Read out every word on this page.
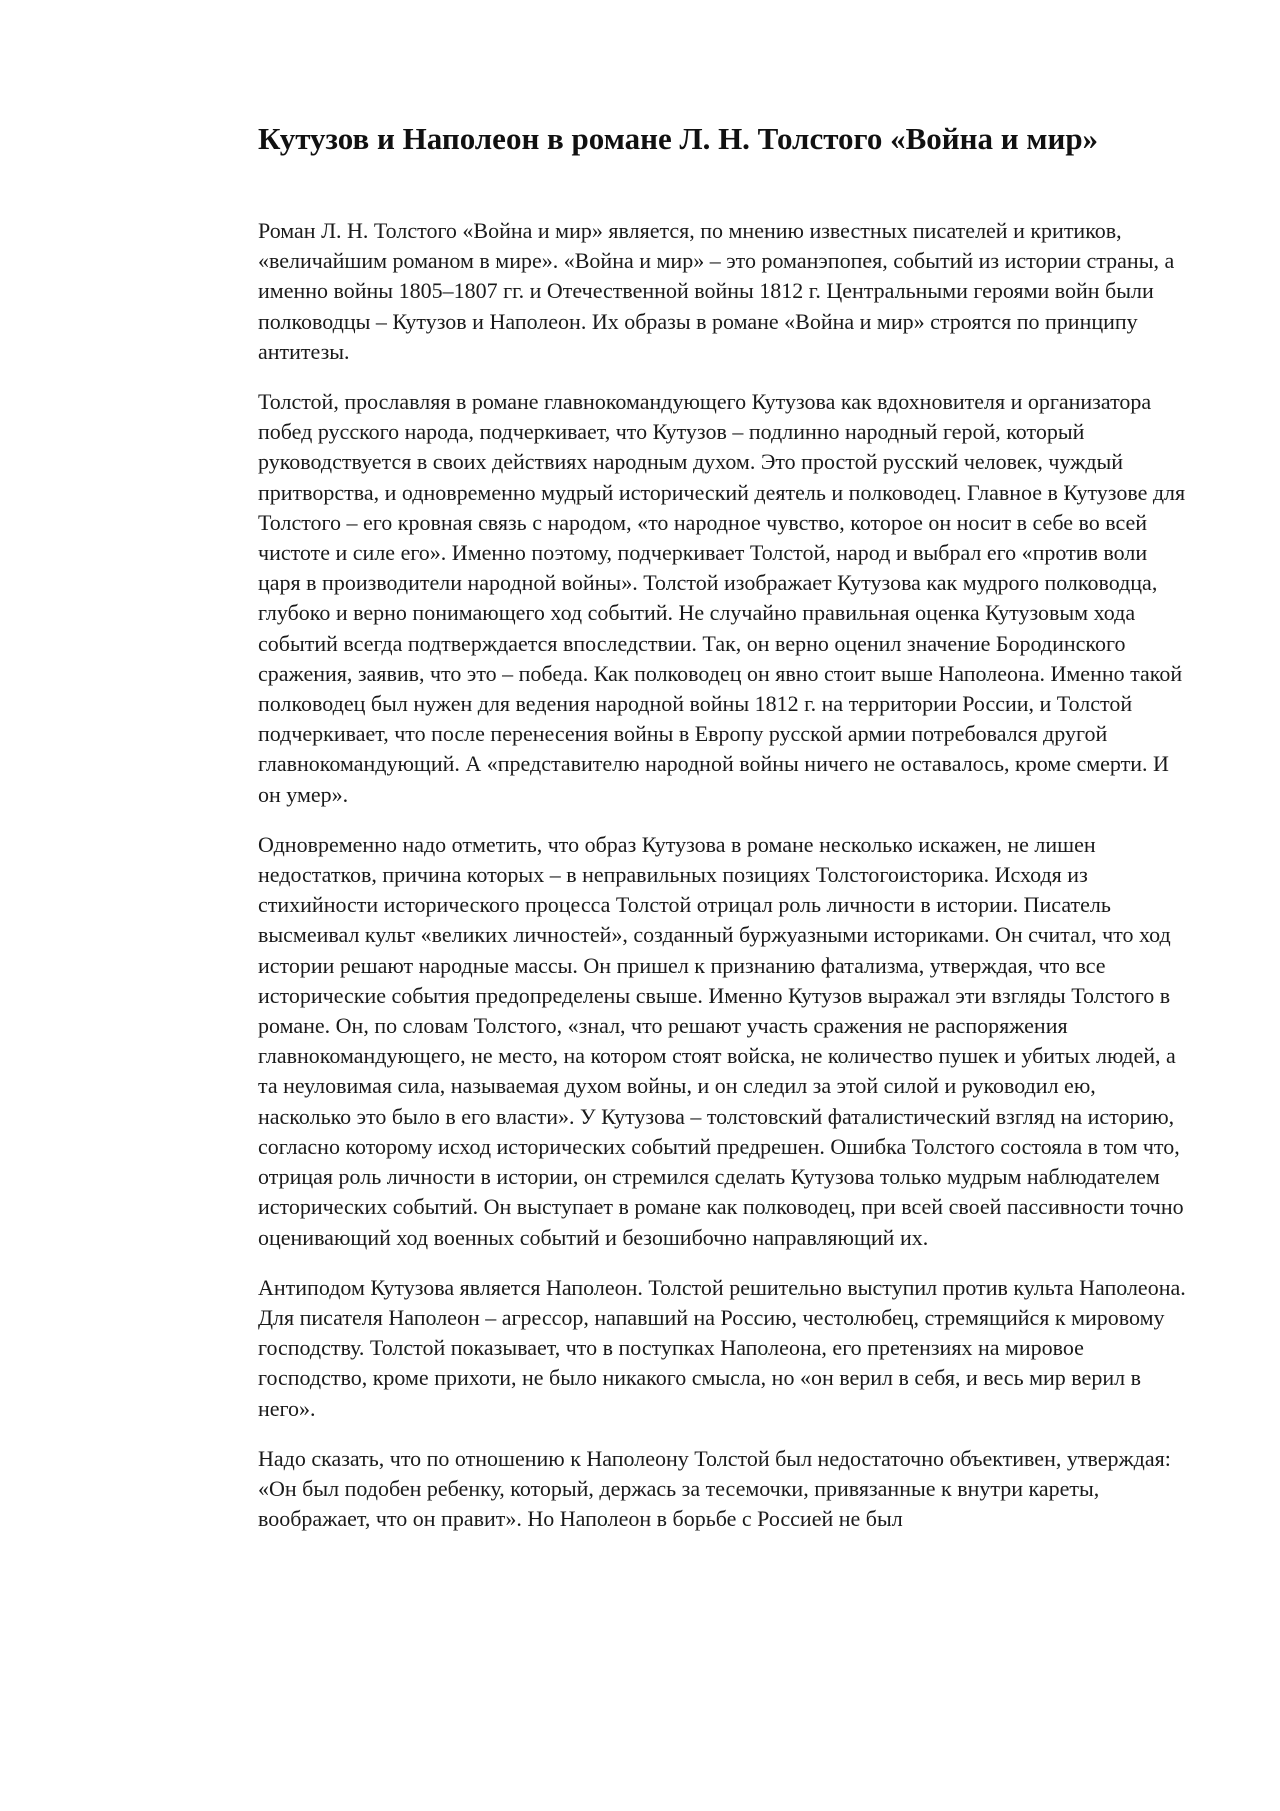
Кутузов и Наполеон в романе Л. Н. Толстого «Война и мир»

Роман Л. Н. Толстого «Война и мир» является, по мнению известных писателей и критиков, «величайшим романом в мире». «Война и мир» – это романэпопея, событий из истории страны, а именно войны 1805–1807 гг. и Отечественной войны 1812 г. Центральными героями войн были полководцы – Кутузов и Наполеон. Их образы в романе «Война и мир» строятся по принципу антитезы.

Толстой, прославляя в романе главнокомандующего Кутузова как вдохновителя и организатора побед русского народа, подчеркивает, что Кутузов – подлинно народный герой, который руководствуется в своих действиях народным духом. Это простой русский человек, чуждый притворства, и одновременно мудрый исторический деятель и полководец. Главное в Кутузове для Толстого – его кровная связь с народом, «то народное чувство, которое он носит в себе во всей чистоте и силе его». Именно поэтому, подчеркивает Толстой, народ и выбрал его «против воли царя в производители народной войны». Толстой изображает Кутузова как мудрого полководца, глубоко и верно понимающего ход событий. Не случайно правильная оценка Кутузовым хода событий всегда подтверждается впоследствии. Так, он верно оценил значение Бородинского сражения, заявив, что это – победа. Как полководец он явно стоит выше Наполеона. Именно такой полководец был нужен для ведения народной войны 1812 г. на территории России, и Толстой подчеркивает, что после перенесения войны в Европу русской армии потребовался другой главнокомандующий. А «представителю народной войны ничего не оставалось, кроме смерти. И он умер».

Одновременно надо отметить, что образ Кутузова в романе несколько искажен, не лишен недостатков, причина которых – в неправильных позициях Толстогоисторика. Исходя из стихийности исторического процесса Толстой отрицал роль личности в истории. Писатель высмеивал культ «великих личностей», созданный буржуазными историками. Он считал, что ход истории решают народные массы. Он пришел к признанию фатализма, утверждая, что все исторические события предопределены свыше. Именно Кутузов выражал эти взгляды Толстого в романе. Он, по словам Толстого, «знал, что решают участь сражения не распоряжения главнокомандующего, не место, на котором стоят войска, не количество пушек и убитых людей, а та неуловимая сила, называемая духом войны, и он следил за этой силой и руководил ею, насколько это было в его власти». У Кутузова – толстовский фаталистический взгляд на историю, согласно которому исход исторических событий предрешен. Ошибка Толстого состояла в том что, отрицая роль личности в истории, он стремился сделать Кутузова только мудрым наблюдателем исторических событий. Он выступает в романе как полководец, при всей своей пассивности точно оценивающий ход военных событий и безошибочно направляющий их.

Антиподом Кутузова является Наполеон. Толстой решительно выступил против культа Наполеона. Для писателя Наполеон – агрессор, напавший на Россию, честолюбец, стремящийся к мировому господству. Толстой показывает, что в поступках Наполеона, его претензиях на мировое господство, кроме прихоти, не было никакого смысла, но «он верил в себя, и весь мир верил в него».

Надо сказать, что по отношению к Наполеону Толстой был недостаточно объективен, утверждая: «Он был подобен ребенку, который, держась за тесемочки, привязанные к внутри кареты, воображает, что он правит». Но Наполеон в борьбе с Россией не был
